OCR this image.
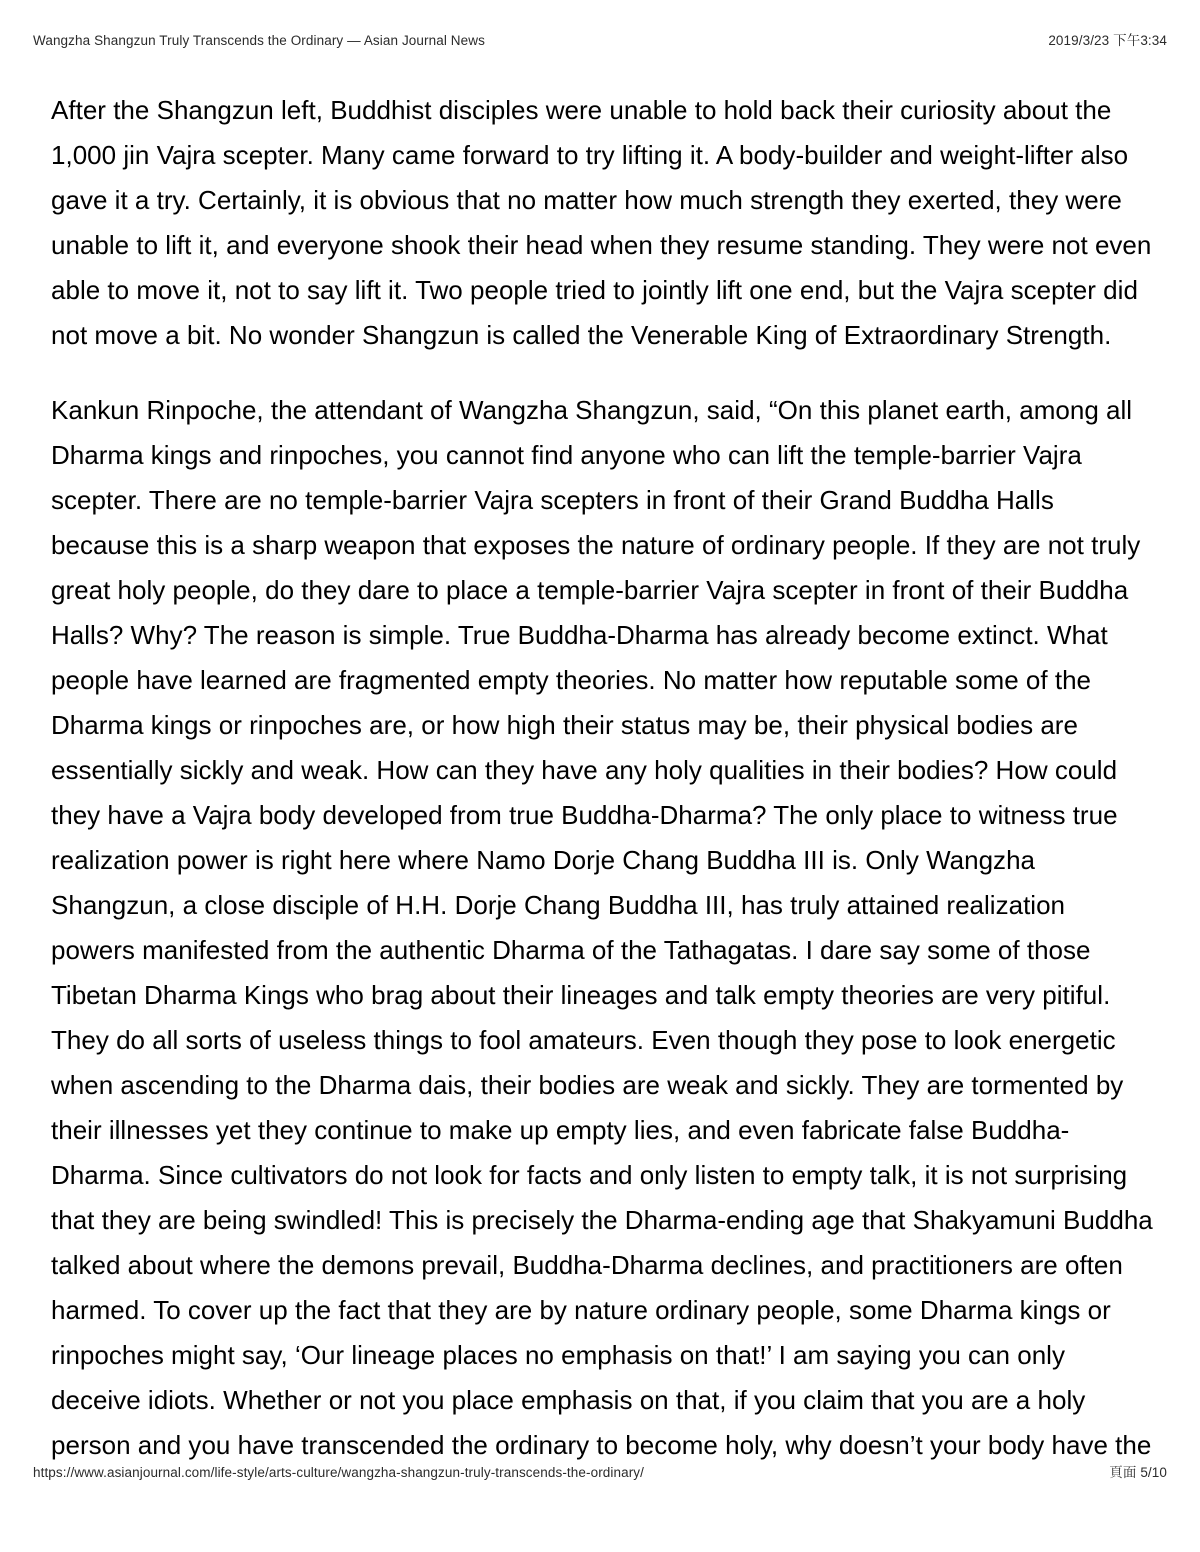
Wangzha Shangzun Truly Transcends the Ordinary — Asian Journal News	2019/3/23 下午3:34

After the Shangzun left, Buddhist disciples were unable to hold back their curiosity about the 1,000 jin Vajra scepter. Many came forward to try lifting it. A body-builder and weight-lifter also gave it a try. Certainly, it is obvious that no matter how much strength they exerted, they were unable to lift it, and everyone shook their head when they resume standing. They were not even able to move it, not to say lift it. Two people tried to jointly lift one end, but the Vajra scepter did not move a bit. No wonder Shangzun is called the Venerable King of Extraordinary Strength.

Kankun Rinpoche, the attendant of Wangzha Shangzun, said, “On this planet earth, among all Dharma kings and rinpoches, you cannot find anyone who can lift the temple-barrier Vajra scepter. There are no temple-barrier Vajra scepters in front of their Grand Buddha Halls because this is a sharp weapon that exposes the nature of ordinary people. If they are not truly great holy people, do they dare to place a temple-barrier Vajra scepter in front of their Buddha Halls? Why? The reason is simple. True Buddha-Dharma has already become extinct. What people have learned are fragmented empty theories. No matter how reputable some of the Dharma kings or rinpoches are, or how high their status may be, their physical bodies are essentially sickly and weak. How can they have any holy qualities in their bodies? How could they have a Vajra body developed from true Buddha-Dharma? The only place to witness true realization power is right here where Namo Dorje Chang Buddha III is. Only Wangzha Shangzun, a close disciple of H.H. Dorje Chang Buddha III, has truly attained realization powers manifested from the authentic Dharma of the Tathagatas. I dare say some of those Tibetan Dharma Kings who brag about their lineages and talk empty theories are very pitiful. They do all sorts of useless things to fool amateurs. Even though they pose to look energetic when ascending to the Dharma dais, their bodies are weak and sickly. They are tormented by their illnesses yet they continue to make up empty lies, and even fabricate false Buddha-Dharma. Since cultivators do not look for facts and only listen to empty talk, it is not surprising that they are being swindled! This is precisely the Dharma-ending age that Shakyamuni Buddha talked about where the demons prevail, Buddha-Dharma declines, and practitioners are often harmed. To cover up the fact that they are by nature ordinary people, some Dharma kings or rinpoches might say, ‘Our lineage places no emphasis on that!’ I am saying you can only deceive idiots. Whether or not you place emphasis on that, if you claim that you are a holy person and you have transcended the ordinary to become holy, why doesn’t your body have the

https://www.asianjournal.com/life-style/arts-culture/wangzha-shangzun-truly-transcends-the-ordinary/	頁面 5/10
